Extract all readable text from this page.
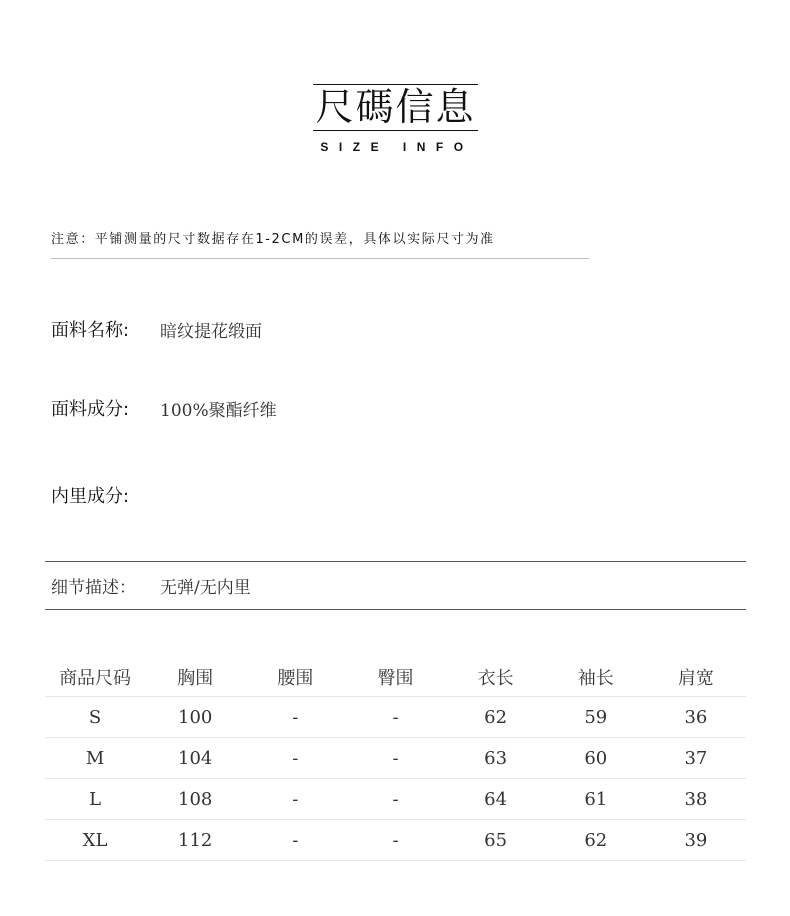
尺碼信息
SIZE INFO
注意：平铺测量的尺寸数据存在1-2CM的误差，具体以实际尺寸为准
面料名称: 暗纹提花缎面
面料成分: 100%聚酯纤维
内里成分:
细节描述： 无弹/无内里
商品尺码	胸围	腰围	臀围	衣长	袖长	肩宽
S	100	-	-	62	59	36
M	104	-	-	63	60	37
L	108	-	-	64	61	38
XL	112	-	-	65	62	39
